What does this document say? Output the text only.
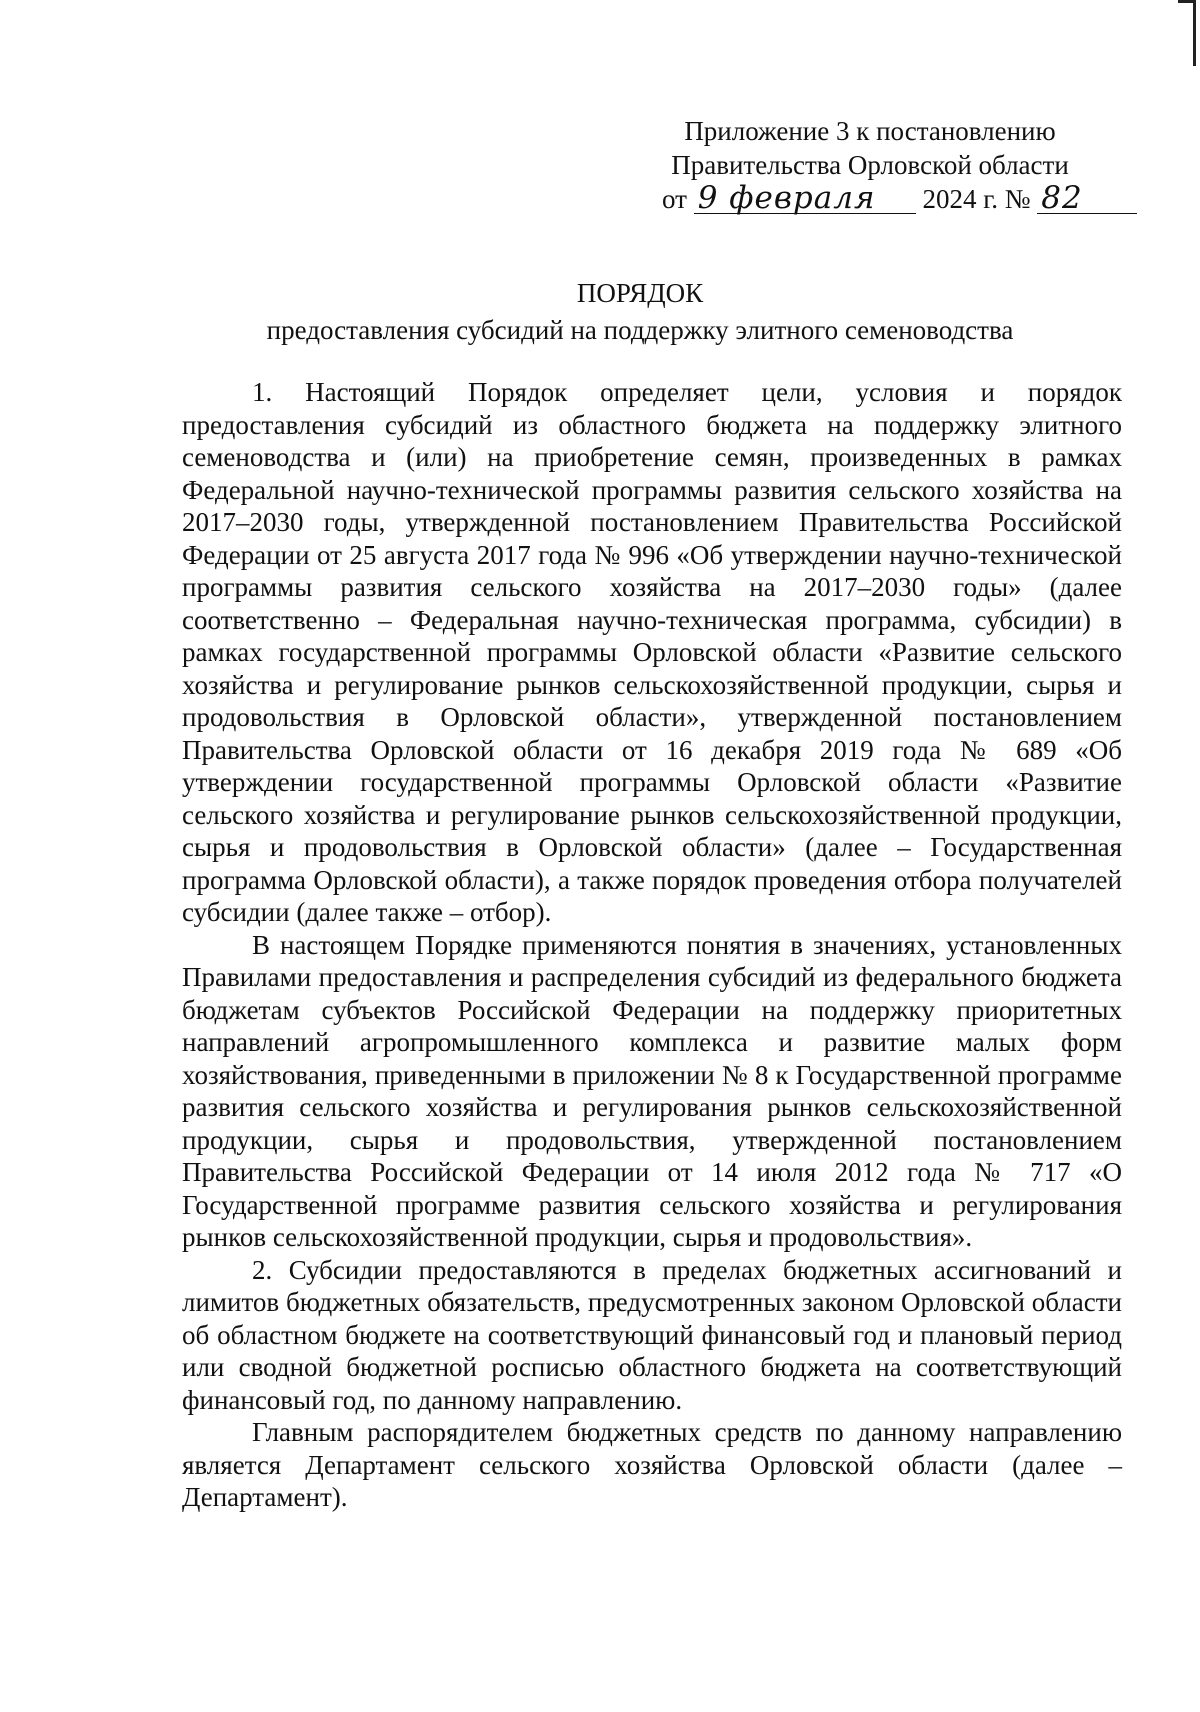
Приложение 3 к постановлению
Правительства Орловской области
от 9 февраля 2024 г. № 82
ПОРЯДОК
предоставления субсидий на поддержку элитного семеноводства

1. Настоящий Порядок определяет цели, условия и порядок предоставления субсидий из областного бюджета на поддержку элитного семеноводства и (или) на приобретение семян, произведенных в рамках Федеральной научно-технической программы развития сельского хозяйства на 2017–2030 годы, утвержденной постановлением Правительства Российской Федерации от 25 августа 2017 года № 996 «Об утверждении научно-технической программы развития сельского хозяйства на 2017–2030 годы» (далее соответственно – Федеральная научно-техническая программа, субсидии) в рамках государственной программы Орловской области «Развитие сельского хозяйства и регулирование рынков сельскохозяйственной продукции, сырья и продовольствия в Орловской области», утвержденной постановлением Правительства Орловской области от 16 декабря 2019 года № 689 «Об утверждении государственной программы Орловской области «Развитие сельского хозяйства и регулирование рынков сельскохозяйственной продукции, сырья и продовольствия в Орловской области» (далее – Государственная программа Орловской области), а также порядок проведения отбора получателей субсидии (далее также – отбор).

В настоящем Порядке применяются понятия в значениях, установленных Правилами предоставления и распределения субсидий из федерального бюджета бюджетам субъектов Российской Федерации на поддержку приоритетных направлений агропромышленного комплекса и развитие малых форм хозяйствования, приведенными в приложении № 8 к Государственной программе развития сельского хозяйства и регулирования рынков сельскохозяйственной продукции, сырья и продовольствия, утвержденной постановлением Правительства Российской Федерации от 14 июля 2012 года № 717 «О Государственной программе развития сельского хозяйства и регулирования рынков сельскохозяйственной продукции, сырья и продовольствия».

2. Субсидии предоставляются в пределах бюджетных ассигнований и лимитов бюджетных обязательств, предусмотренных законом Орловской области об областном бюджете на соответствующий финансовый год и плановый период или сводной бюджетной росписью областного бюджета на соответствующий финансовый год, по данному направлению.

Главным распорядителем бюджетных средств по данному направлению является Департамент сельского хозяйства Орловской области (далее – Департамент).
